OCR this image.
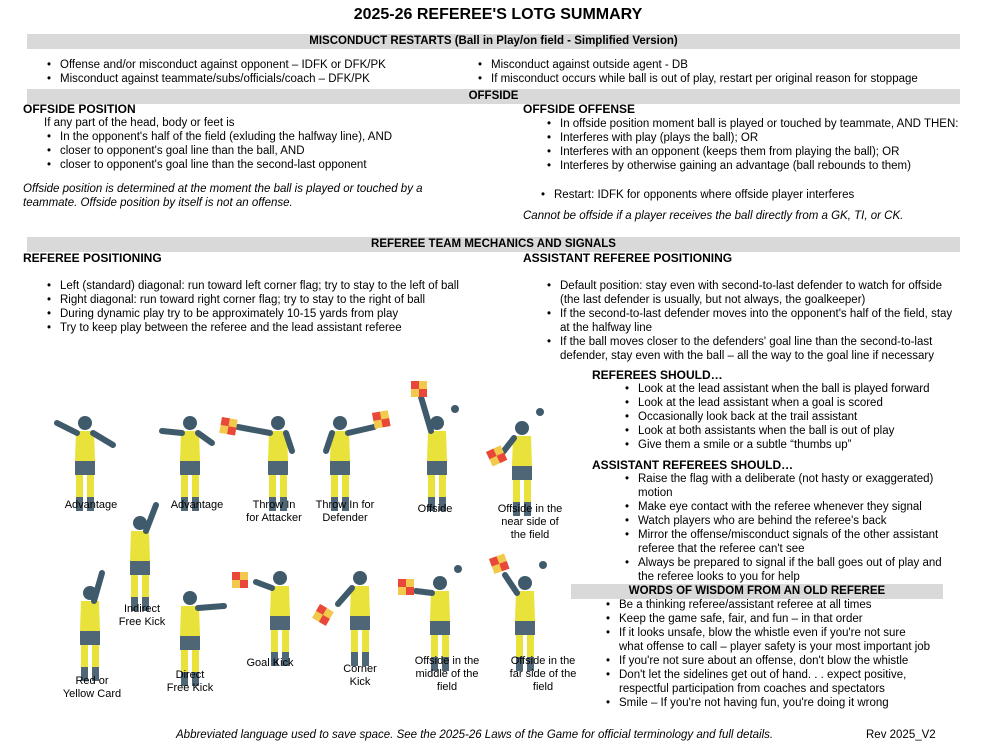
2025-26 REFEREE'S LOTG SUMMARY
MISCONDUCT RESTARTS (Ball in Play/on field - Simplified Version)
• Offense and/or misconduct against opponent – IDFK or DFK/PK
• Misconduct against teammate/subs/officials/coach – DFK/PK
• Misconduct against outside agent - DB
• If misconduct occurs while ball is out of play, restart per original reason for stoppage
OFFSIDE
OFFSIDE POSITION
If any part of the head, body or feet is
• In the opponent's half of the field (exluding the halfway line), AND
• closer to opponent's goal line than the ball, AND
• closer to opponent's goal line than the second-last opponent
Offside position is determined at the moment the ball is played or touched by a teammate. Offside position by itself is not an offense.
OFFSIDE OFFENSE
• In offside position moment ball is played or touched by teammate, AND THEN:
• Interferes with play (plays the ball); OR
• Interferes with an opponent (keeps them from playing the ball); OR
• Interferes by otherwise gaining an advantage (ball rebounds to them)
• Restart: IDFK for opponents where offside player interferes
Cannot be offside if a player receives the ball directly from a GK, TI, or CK.
REFEREE TEAM MECHANICS AND SIGNALS
REFEREE POSITIONING
• Left (standard) diagonal: run toward left corner flag; try to stay to the left of ball
• Right diagonal: run toward right corner flag; try to stay to the right of ball
• During dynamic play try to be approximately 10-15 yards from play
• Try to keep play between the referee and the lead assistant referee
ASSISTANT REFEREE POSITIONING
• Default position: stay even with second-to-last defender to watch for offside (the last defender is usually, but not always, the goalkeeper)
• If the second-to-last defender moves into the opponent's half of the field, stay at the halfway line
• If the ball moves closer to the defenders' goal line than the second-to-last defender, stay even with the ball – all the way to the goal line if necessary
REFEREES SHOULD…
• Look at the lead assistant when the ball is played forward
• Look at the lead assistant when a goal is scored
• Occasionally look back at the trail assistant
• Look at both assistants when the ball is out of play
• Give them a smile or a subtle “thumbs up”
ASSISTANT REFEREES SHOULD…
• Raise the flag with a deliberate (not hasty or exaggerated) motion
• Make eye contact with the referee whenever they signal
• Watch players who are behind the referee's back
• Mirror the offense/misconduct signals of the other assistant referee that the referee can't see
• Always be prepared to signal if the ball goes out of play and the referee looks to you for help
WORDS OF WISDOM FROM AN OLD REFEREE
• Be a thinking referee/assistant referee at all times
• Keep the game safe, fair, and fun – in that order
• If it looks unsafe, blow the whistle even if you're not sure what offense to call – player safety is your most important job
• If you're not sure about an offense, don't blow the whistle
• Don't let the sidelines get out of hand. . . expect positive, respectful participation from coaches and spectators
• Smile – If you're not having fun, you're doing it wrong
Advantage	Advantage	Throw In
for Attacker
Throw In for
Defender
Offside	Offside in the
near side of
the field
Indirect
Free Kick
Red or
Yellow Card
Direct
Free Kick
Goal Kick	Corner
Kick
Offside in the
middle of the
field
Offside in the
far side of the
field
Abbreviated language used to save space. See the 2025-26 Laws of the Game for official terminology and full details.	Rev 2025_V2
